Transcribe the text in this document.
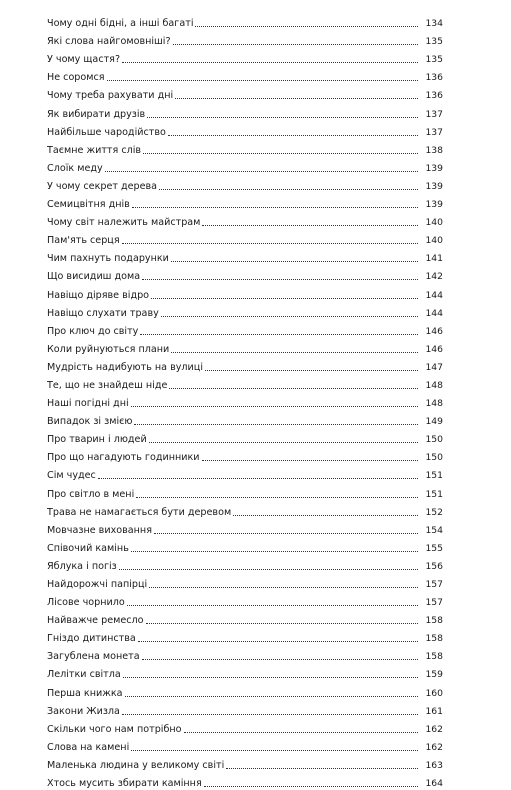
Чому одні бідні, а інші багаті	134
Які слова найгомовніші?	135
У чому щастя?	135
Не соромся	136
Чому треба рахувати дні	136
Як вибирати друзів	137
Найбільше чародійство	137
Таємне життя слів	138
Слоїк меду	139
У чому секрет дерева	139
Семицвітня днів	139
Чому світ належить майстрам	140
Пам'ять серця	140
Чим пахнуть подарунки	141
Що висидиш дома	142
Навіщо діряве відро	144
Навіщо слухати траву	144
Про ключ до світу	146
Коли руйнуються плани	146
Мудрість надибують на вулиці	147
Те, що не знайдеш ніде	148
Наші погідні дні	148
Випадок зі змією	149
Про тварин і людей	150
Про що нагадують годинники	150
Сім чудес	151
Про світло в мені	151
Трава не намагається бути деревом	152
Мовчазне виховання	154
Співочий камінь	155
Яблука і погіз	156
Найдорожчі папірці	157
Лісове чорнило	157
Найважче ремесло	158
Гніздо дитинства	158
Загублена монета	158
Лелітки світла	159
Перша книжка	160
Закони Жизла	161
Скільки чого нам потрібно	162
Слова на камені	162
Маленька людина у великому світі	163
Хтось мусить збирати каміння	164
